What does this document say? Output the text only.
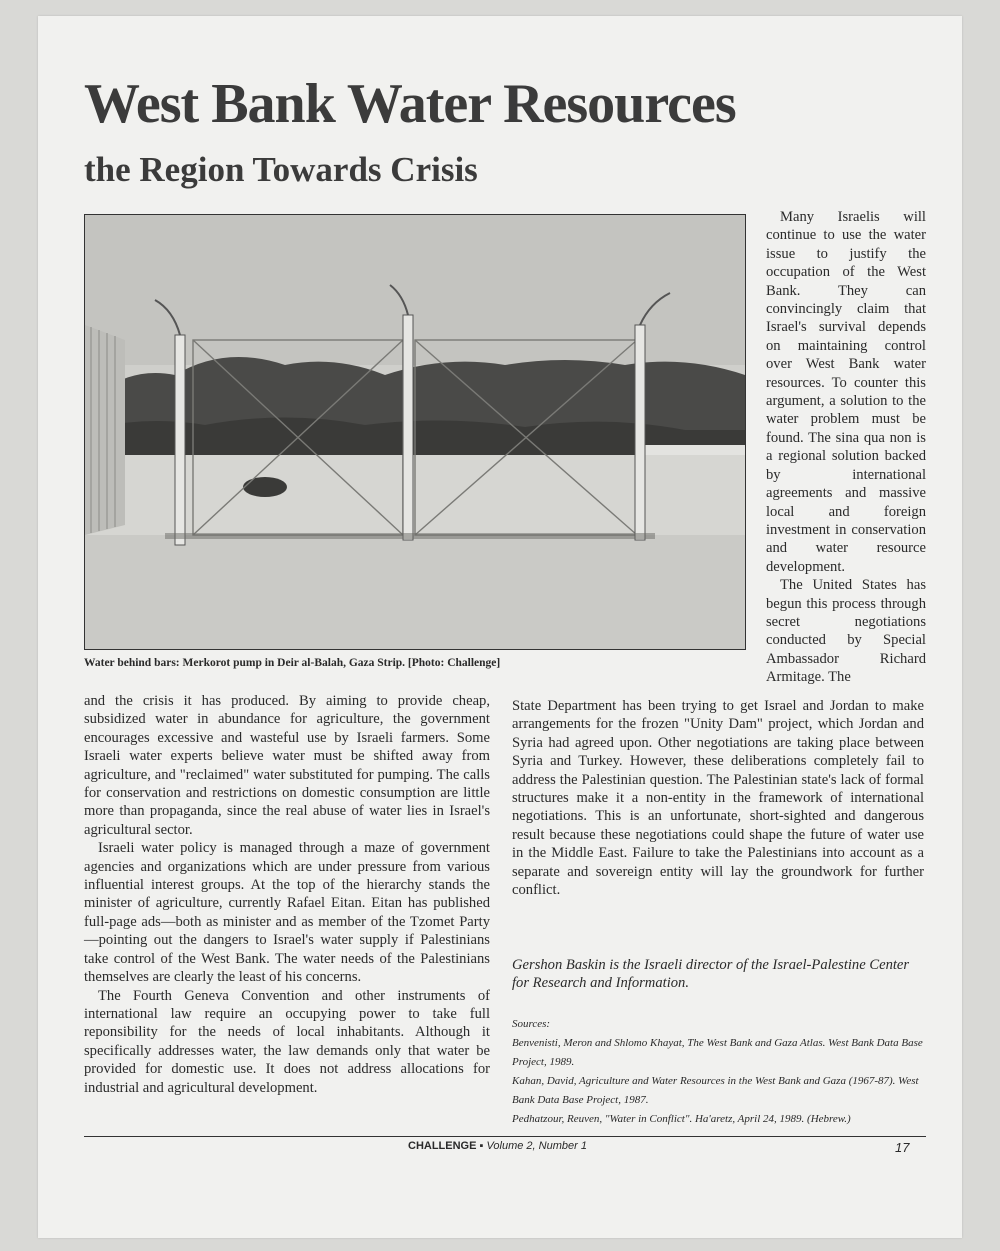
West Bank Water Resources
the Region Towards Crisis
Water behind bars: Merkorot pump in Deir al-Balah, Gaza Strip. [Photo: Challenge]

Many Israelis will continue to use the water issue to justify the occupation of the West Bank. They can convincingly claim that Israel's survival depends on maintaining control over West Bank water resources. To counter this argument, a solution to the water problem must be found. The sina qua non is a regional solution backed by international agreements and massive local and foreign investment in conservation and water resource development.

The United States has begun this process through secret negotiations conducted by Special Ambassador Richard Armitage. The

and the crisis it has produced. By aiming to provide cheap, subsidized water in abundance for agriculture, the government encourages excessive and wasteful use by Israeli farmers. Some Israeli water experts believe water must be shifted away from agriculture, and "reclaimed" water substituted for pumping. The calls for conservation and restrictions on domestic consumption are little more than propaganda, since the real abuse of water lies in Israel's agricultural sector.

Israeli water policy is managed through a maze of government agencies and organizations which are under pressure from various influential interest groups. At the top of the hierarchy stands the minister of agriculture, currently Rafael Eitan. Eitan has published full-page ads—both as minister and as member of the Tzomet Party—pointing out the dangers to Israel's water supply if Palestinians take control of the West Bank. The water needs of the Palestinians themselves are clearly the least of his concerns.

The Fourth Geneva Convention and other instruments of international law require an occupying power to take full reponsibility for the needs of local inhabitants. Although it specifically addresses water, the law demands only that water be provided for domestic use. It does not address allocations for industrial and agricultural development.

State Department has been trying to get Israel and Jordan to make arrangements for the frozen "Unity Dam" project, which Jordan and Syria had agreed upon. Other negotiations are taking place between Syria and Turkey. However, these deliberations completely fail to address the Palestinian question. The Palestinian state's lack of formal structures make it a non-entity in the framework of international negotiations. This is an unfortunate, short-sighted and dangerous result because these negotiations could shape the future of water use in the Middle East. Failure to take the Palestinians into account as a separate and sovereign entity will lay the groundwork for further conflict.

Gershon Baskin is the Israeli director of the Israel-Palestine Center for Research and Information.
Sources:
Benvenisti, Meron and Shlomo Khayat, The West Bank and Gaza Atlas. West Bank Data Base Project, 1989.
Kahan, David, Agriculture and Water Resources in the West Bank and Gaza (1967-87). West Bank Data Base Project, 1987.
Pedhatzour, Reuven, "Water in Conflict". Ha'aretz, April 24, 1989. (Hebrew.)
CHALLENGE ▪ Volume 2, Number 1	17
